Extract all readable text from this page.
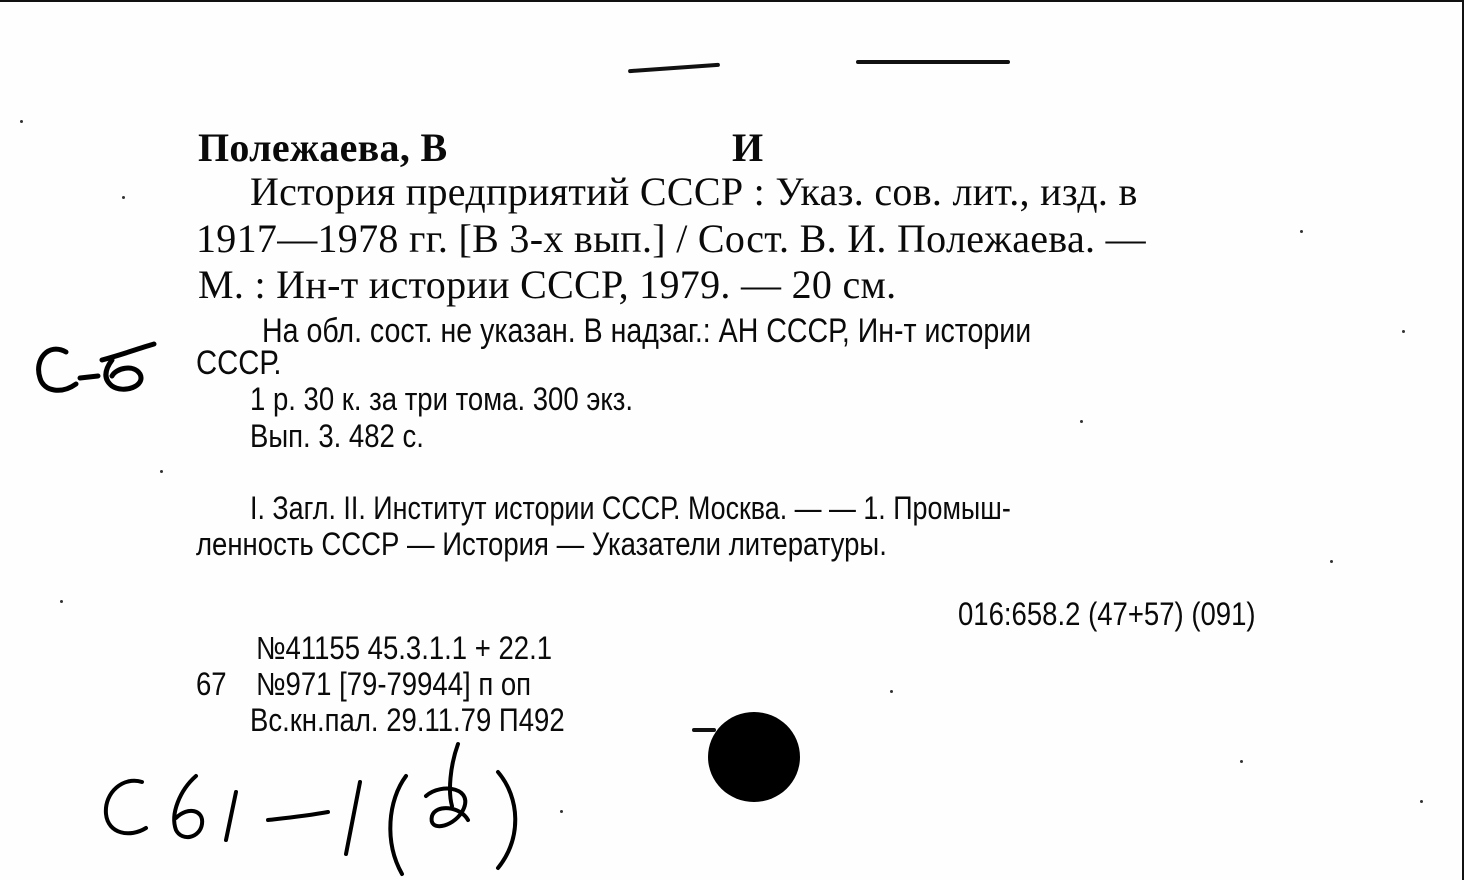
Полежаева, В	И
История предприятий СССР : Указ. сов. лит., изд. в
1917—1978 гг. [В 3-х вып.] / Сост. В. И. Полежаева. —
М. : Ин-т истории СССР, 1979. — 20 см.
На обл. сост. не указан. В надзаг.: АН СССР, Ин-т истории
СССР.
1 р. 30 к. за три тома. 300 экз.
Вып. 3. 482 с.
I. Загл. II. Институт истории СССР. Москва. — — 1. Промыш-
ленность СССР — История — Указатели литературы.
016:658.2 (47+57) (091)
№41155 45.3.1.1 + 22.1
67 №971 [79-79944] п оп
Вс.кн.пал. 29.11.79 П492
